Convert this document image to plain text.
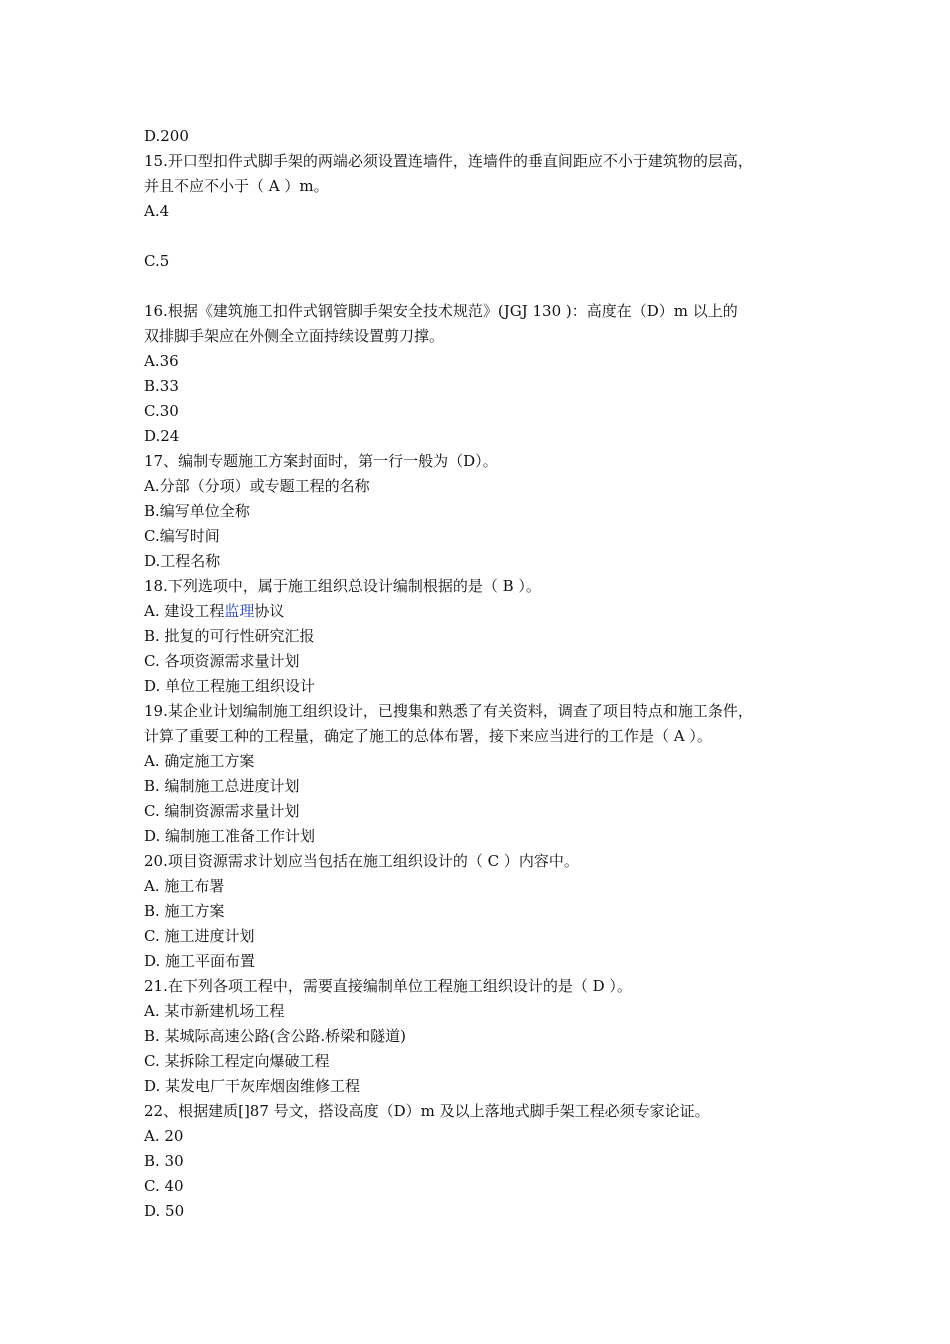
D.200
15.开口型扣件式脚手架的两端必须设置连墙件，连墙件的垂直间距应不小于建筑物的层高，
并且不应不小于（ A ）m。
A.4
C.5
16.根据《建筑施工扣件式钢管脚手架安全技术规范》(JGJ 130 )：高度在（D）m 以上的
双排脚手架应在外侧全立面持续设置剪刀撑。
A.36
B.33
C.30
D.24
17、编制专题施工方案封面时，第一行一般为（D）。
A.分部（分项）或专题工程的名称
B.编写单位全称
C.编写时间
D.工程名称
18.下列选项中，属于施工组织总设计编制根据的是（ B ）。
A. 建设工程监理协议
B. 批复的可行性研究汇报
C. 各项资源需求量计划
D. 单位工程施工组织设计
19.某企业计划编制施工组织设计，已搜集和熟悉了有关资料，调查了项目特点和施工条件，
计算了重要工种的工程量，确定了施工的总体布署，接下来应当进行的工作是（ A ）。
A. 确定施工方案
B. 编制施工总进度计划
C. 编制资源需求量计划
D. 编制施工准备工作计划
20.项目资源需求计划应当包括在施工组织设计的（ C ）内容中。
A. 施工布署
B. 施工方案
C. 施工进度计划
D. 施工平面布置
21.在下列各项工程中，需要直接编制单位工程施工组织设计的是（ D ）。
A. 某市新建机场工程
B. 某城际高速公路(含公路.桥梁和隧道)
C. 某拆除工程定向爆破工程
D. 某发电厂干灰库烟囱维修工程
22、根据建质[]87 号文，搭设高度（D）m 及以上落地式脚手架工程必须专家论证。
A. 20
B. 30
C. 40
D. 50
